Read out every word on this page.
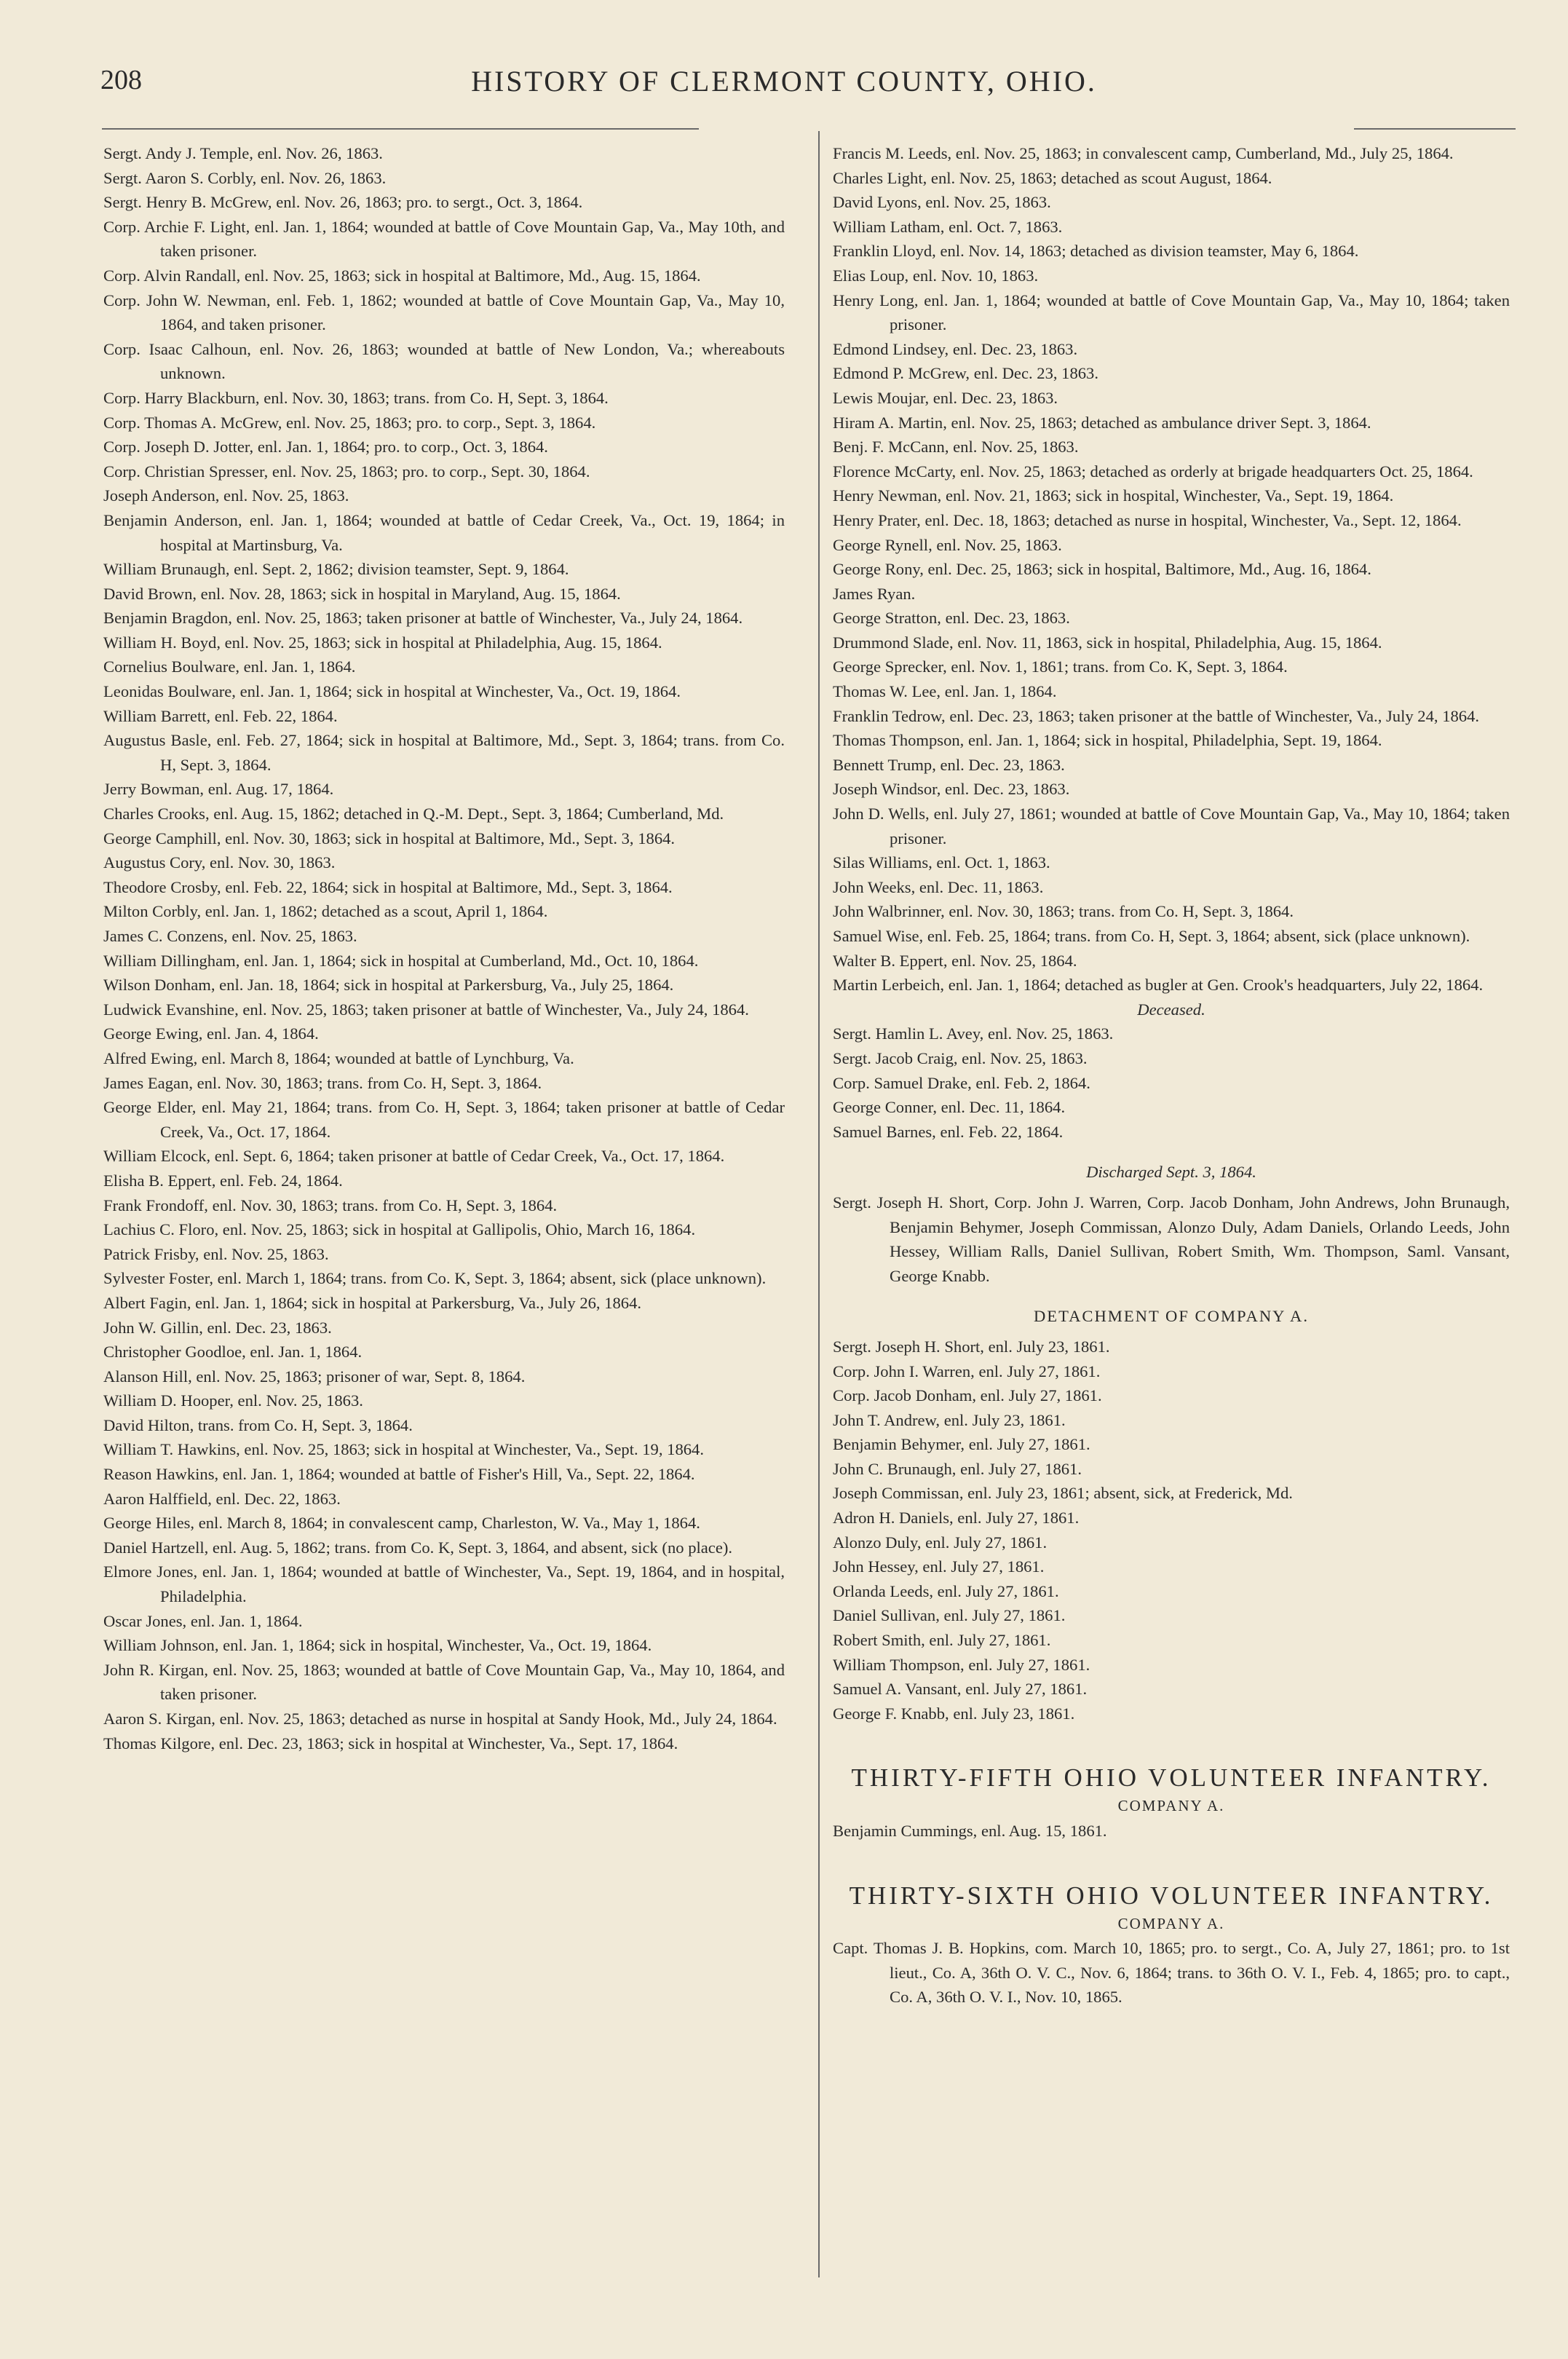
208	HISTORY OF CLERMONT COUNTY, OHIO.
Sergt. Andy J. Temple, enl. Nov. 26, 1863.
Sergt. Aaron S. Corbly, enl. Nov. 26, 1863.
Sergt. Henry B. McGrew, enl. Nov. 26, 1863; pro. to sergt., Oct. 3, 1864.
Corp. Archie F. Light, enl. Jan. 1, 1864; wounded at battle of Cove Mountain Gap, Va., May 10th, and taken prisoner.
Corp. Alvin Randall, enl. Nov. 25, 1863; sick in hospital at Baltimore, Md., Aug. 15, 1864.
Corp. John W. Newman, enl. Feb. 1, 1862; wounded at battle of Cove Mountain Gap, Va., May 10, 1864, and taken prisoner.
Corp. Isaac Calhoun, enl. Nov. 26, 1863; wounded at battle of New London, Va.; whereabouts unknown.
Corp. Harry Blackburn, enl. Nov. 30, 1863; trans. from Co. H, Sept. 3, 1864.
Corp. Thomas A. McGrew, enl. Nov. 25, 1863; pro. to corp., Sept. 3, 1864.
Corp. Joseph D. Jotter, enl. Jan. 1, 1864; pro. to corp., Oct. 3, 1864.
Corp. Christian Spresser, enl. Nov. 25, 1863; pro. to corp., Sept. 30, 1864.
Joseph Anderson, enl. Nov. 25, 1863.
Benjamin Anderson, enl. Jan. 1, 1864; wounded at battle of Cedar Creek, Va., Oct. 19, 1864; in hospital at Martinsburg, Va.
William Brunaugh, enl. Sept. 2, 1862; division teamster, Sept. 9, 1864.
David Brown, enl. Nov. 28, 1863; sick in hospital in Maryland, Aug. 15, 1864.
Benjamin Bragdon, enl. Nov. 25, 1863; taken prisoner at battle of Winchester, Va., July 24, 1864.
William H. Boyd, enl. Nov. 25, 1863; sick in hospital at Philadelphia, Aug. 15, 1864.
Cornelius Boulware, enl. Jan. 1, 1864.
Leonidas Boulware, enl. Jan. 1, 1864; sick in hospital at Winchester, Va., Oct. 19, 1864.
William Barrett, enl. Feb. 22, 1864.
Augustus Basle, enl. Feb. 27, 1864; sick in hospital at Baltimore, Md., Sept. 3, 1864; trans. from Co. H, Sept. 3, 1864.
Jerry Bowman, enl. Aug. 17, 1864.
Charles Crooks, enl. Aug. 15, 1862; detached in Q.-M. Dept., Sept. 3, 1864; Cumberland, Md.
George Camphill, enl. Nov. 30, 1863; sick in hospital at Baltimore, Md., Sept. 3, 1864.
Augustus Cory, enl. Nov. 30, 1863.
Theodore Crosby, enl. Feb. 22, 1864; sick in hospital at Baltimore, Md., Sept. 3, 1864.
Milton Corbly, enl. Jan. 1, 1862; detached as a scout, April 1, 1864.
James C. Conzens, enl. Nov. 25, 1863.
William Dillingham, enl. Jan. 1, 1864; sick in hospital at Cumberland, Md., Oct. 10, 1864.
Wilson Donham, enl. Jan. 18, 1864; sick in hospital at Parkersburg, Va., July 25, 1864.
Ludwick Evanshine, enl. Nov. 25, 1863; taken prisoner at battle of Winchester, Va., July 24, 1864.
George Ewing, enl. Jan. 4, 1864.
Alfred Ewing, enl. March 8, 1864; wounded at battle of Lynchburg, Va.
James Eagan, enl. Nov. 30, 1863; trans. from Co. H, Sept. 3, 1864.
George Elder, enl. May 21, 1864; trans. from Co. H, Sept. 3, 1864; taken prisoner at battle of Cedar Creek, Va., Oct. 17, 1864.
William Elcock, enl. Sept. 6, 1864; taken prisoner at battle of Cedar Creek, Va., Oct. 17, 1864.
Elisha B. Eppert, enl. Feb. 24, 1864.
Frank Frondoff, enl. Nov. 30, 1863; trans. from Co. H, Sept. 3, 1864.
Lachius C. Floro, enl. Nov. 25, 1863; sick in hospital at Gallipolis, Ohio, March 16, 1864.
Patrick Frisby, enl. Nov. 25, 1863.
Sylvester Foster, enl. March 1, 1864; trans. from Co. K, Sept. 3, 1864; absent, sick (place unknown).
Albert Fagin, enl. Jan. 1, 1864; sick in hospital at Parkersburg, Va., July 26, 1864.
John W. Gillin, enl. Dec. 23, 1863.
Christopher Goodloe, enl. Jan. 1, 1864.
Alanson Hill, enl. Nov. 25, 1863; prisoner of war, Sept. 8, 1864.
William D. Hooper, enl. Nov. 25, 1863.
David Hilton, trans. from Co. H, Sept. 3, 1864.
William T. Hawkins, enl. Nov. 25, 1863; sick in hospital at Winchester, Va., Sept. 19, 1864.
Reason Hawkins, enl. Jan. 1, 1864; wounded at battle of Fisher's Hill, Va., Sept. 22, 1864.
Aaron Halffield, enl. Dec. 22, 1863.
George Hiles, enl. March 8, 1864; in convalescent camp, Charleston, W. Va., May 1, 1864.
Daniel Hartzell, enl. Aug. 5, 1862; trans. from Co. K, Sept. 3, 1864, and absent, sick (no place).
Elmore Jones, enl. Jan. 1, 1864; wounded at battle of Winchester, Va., Sept. 19, 1864, and in hospital, Philadelphia.
Oscar Jones, enl. Jan. 1, 1864.
William Johnson, enl. Jan. 1, 1864; sick in hospital, Winchester, Va., Oct. 19, 1864.
John R. Kirgan, enl. Nov. 25, 1863; wounded at battle of Cove Mountain Gap, Va., May 10, 1864, and taken prisoner.
Aaron S. Kirgan, enl. Nov. 25, 1863; detached as nurse in hospital at Sandy Hook, Md., July 24, 1864.
Thomas Kilgore, enl. Dec. 23, 1863; sick in hospital at Winchester, Va., Sept. 17, 1864.
Francis M. Leeds, enl. Nov. 25, 1863; in convalescent camp, Cumberland, Md., July 25, 1864.
Charles Light, enl. Nov. 25, 1863; detached as scout August, 1864.
David Lyons, enl. Nov. 25, 1863.
William Latham, enl. Oct. 7, 1863.
Franklin Lloyd, enl. Nov. 14, 1863; detached as division teamster, May 6, 1864.
Elias Loup, enl. Nov. 10, 1863.
Henry Long, enl. Jan. 1, 1864; wounded at battle of Cove Mountain Gap, Va., May 10, 1864; taken prisoner.
Edmond Lindsey, enl. Dec. 23, 1863.
Edmond P. McGrew, enl. Dec. 23, 1863.
Lewis Moujar, enl. Dec. 23, 1863.
Hiram A. Martin, enl. Nov. 25, 1863; detached as ambulance driver Sept. 3, 1864.
Benj. F. McCann, enl. Nov. 25, 1863.
Florence McCarty, enl. Nov. 25, 1863; detached as orderly at brigade headquarters Oct. 25, 1864.
Henry Newman, enl. Nov. 21, 1863; sick in hospital, Winchester, Va., Sept. 19, 1864.
Henry Prater, enl. Dec. 18, 1863; detached as nurse in hospital, Winchester, Va., Sept. 12, 1864.
George Rynell, enl. Nov. 25, 1863.
George Rony, enl. Dec. 25, 1863; sick in hospital, Baltimore, Md., Aug. 16, 1864.
James Ryan.
George Stratton, enl. Dec. 23, 1863.
Drummond Slade, enl. Nov. 11, 1863, sick in hospital, Philadelphia, Aug. 15, 1864.
George Sprecker, enl. Nov. 1, 1861; trans. from Co. K, Sept. 3, 1864.
Thomas W. Lee, enl. Jan. 1, 1864.
Franklin Tedrow, enl. Dec. 23, 1863; taken prisoner at the battle of Winchester, Va., July 24, 1864.
Thomas Thompson, enl. Jan. 1, 1864; sick in hospital, Philadelphia, Sept. 19, 1864.
Bennett Trump, enl. Dec. 23, 1863.
Joseph Windsor, enl. Dec. 23, 1863.
John D. Wells, enl. July 27, 1861; wounded at battle of Cove Mountain Gap, Va., May 10, 1864; taken prisoner.
Silas Williams, enl. Oct. 1, 1863.
John Weeks, enl. Dec. 11, 1863.
John Walbrinner, enl. Nov. 30, 1863; trans. from Co. H, Sept. 3, 1864.
Samuel Wise, enl. Feb. 25, 1864; trans. from Co. H, Sept. 3, 1864; absent, sick (place unknown).
Walter B. Eppert, enl. Nov. 25, 1864.
Martin Lerbeich, enl. Jan. 1, 1864; detached as bugler at Gen. Crook's headquarters, July 22, 1864.
Deceased.
Sergt. Hamlin L. Avey, enl. Nov. 25, 1863.
Sergt. Jacob Craig, enl. Nov. 25, 1863.
Corp. Samuel Drake, enl. Feb. 2, 1864.
George Conner, enl. Dec. 11, 1864.
Samuel Barnes, enl. Feb. 22, 1864.
Discharged Sept. 3, 1864.
Sergt. Joseph H. Short, Corp. John J. Warren, Corp. Jacob Donham, John Andrews, John Brunaugh, Benjamin Behymer, Joseph Commissan, Alonzo Duly, Adam Daniels, Orlando Leeds, John Hessey, William Ralls, Daniel Sullivan, Robert Smith, Wm. Thompson, Saml. Vansant, George Knabb.
DETACHMENT OF COMPANY A.
Sergt. Joseph H. Short, enl. July 23, 1861.
Corp. John I. Warren, enl. July 27, 1861.
Corp. Jacob Donham, enl. July 27, 1861.
John T. Andrew, enl. July 23, 1861.
Benjamin Behymer, enl. July 27, 1861.
John C. Brunaugh, enl. July 27, 1861.
Joseph Commissan, enl. July 23, 1861; absent, sick, at Frederick, Md.
Adron H. Daniels, enl. July 27, 1861.
Alonzo Duly, enl. July 27, 1861.
John Hessey, enl. July 27, 1861.
Orlanda Leeds, enl. July 27, 1861.
Daniel Sullivan, enl. July 27, 1861.
Robert Smith, enl. July 27, 1861.
William Thompson, enl. July 27, 1861.
Samuel A. Vansant, enl. July 27, 1861.
George F. Knabb, enl. July 23, 1861.
THIRTY-FIFTH OHIO VOLUNTEER INFANTRY.
COMPANY A.
Benjamin Cummings, enl. Aug. 15, 1861.
THIRTY-SIXTH OHIO VOLUNTEER INFANTRY.
COMPANY A.
Capt. Thomas J. B. Hopkins, com. March 10, 1865; pro. to sergt., Co. A, July 27, 1861; pro. to 1st lieut., Co. A, 36th O. V. C., Nov. 6, 1864; trans. to 36th O. V. I., Feb. 4, 1865; pro. to capt., Co. A, 36th O. V. I., Nov. 10, 1865.
